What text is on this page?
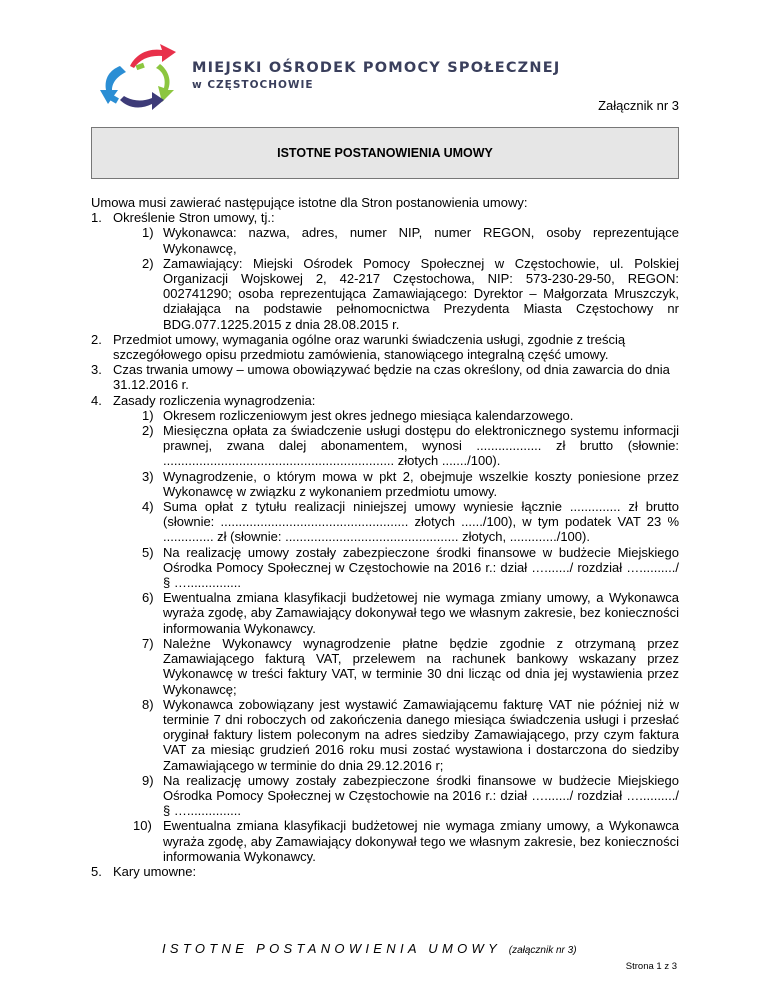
MIEJSKI OŚRODEK POMOCY SPOŁECZNEJ
w CZĘSTOCHOWIE
Załącznik nr 3
ISTOTNE POSTANOWIENIA UMOWY

Umowa musi zawierać następujące istotne dla Stron postanowienia umowy:

1. Określenie Stron umowy, tj.:
1) Wykonawca: nazwa, adres, numer NIP, numer REGON, osoby reprezentujące Wykonawcę,
2) Zamawiający: Miejski Ośrodek Pomocy Społecznej w Częstochowie, ul. Polskiej Organizacji Wojskowej 2, 42-217 Częstochowa, NIP: 573-230-29-50, REGON: 002741290; osoba reprezentująca Zamawiającego: Dyrektor – Małgorzata Mruszczyk, działająca na podstawie pełnomocnictwa Prezydenta Miasta Częstochowy nr BDG.077.1225.2015 z dnia 28.08.2015 r.
2. Przedmiot umowy, wymagania ogólne oraz warunki świadczenia usługi, zgodnie z treścią szczegółowego opisu przedmiotu zamówienia, stanowiącego integralną część umowy.
3. Czas trwania umowy – umowa obowiązywać będzie na czas określony, od dnia zawarcia do dnia 31.12.2016 r.
4. Zasady rozliczenia wynagrodzenia:
1) Okresem rozliczeniowym jest okres jednego miesiąca kalendarzowego.
2) Miesięczna opłata za świadczenie usługi dostępu do elektronicznego systemu informacji prawnej, zwana dalej abonamentem, wynosi .................. zł brutto (słownie: ................................................................ złotych ......./100).
3) Wynagrodzenie, o którym mowa w pkt 2, obejmuje wszelkie koszty poniesione przez Wykonawcę w związku z wykonaniem przedmiotu umowy.
4) Suma opłat z tytułu realizacji niniejszej umowy wyniesie łącznie .............. zł brutto (słownie: .................................................... złotych ....../100), w tym podatek VAT 23 % .............. zł (słownie: ................................................ złotych, ............./100).
5) Na realizację umowy zostały zabezpieczone środki finansowe w budżecie Miejskiego Ośrodka Pomocy Społecznej w Częstochowie na 2016 r.: dział …......./ rozdział …........../ § …...............
6) Ewentualna zmiana klasyfikacji budżetowej nie wymaga zmiany umowy, a Wykonawca wyraża zgodę, aby Zamawiający dokonywał tego we własnym zakresie, bez konieczności informowania Wykonawcy.
7) Należne Wykonawcy wynagrodzenie płatne będzie zgodnie z otrzymaną przez Zamawiającego fakturą VAT, przelewem na rachunek bankowy wskazany przez Wykonawcę w treści faktury VAT, w terminie 30 dni licząc od dnia jej wystawienia przez Wykonawcę;
8) Wykonawca zobowiązany jest wystawić Zamawiającemu fakturę VAT nie później niż w terminie 7 dni roboczych od zakończenia danego miesiąca świadczenia usługi i przesłać oryginał faktury listem poleconym na adres siedziby Zamawiającego, przy czym faktura VAT za miesiąc grudzień 2016 roku musi zostać wystawiona i dostarczona do siedziby Zamawiającego w terminie do dnia 29.12.2016 r;
9) Na realizację umowy zostały zabezpieczone środki finansowe w budżecie Miejskiego Ośrodka Pomocy Społecznej w Częstochowie na 2016 r.: dział …......./ rozdział …........../ § …...............
10) Ewentualna zmiana klasyfikacji budżetowej nie wymaga zmiany umowy, a Wykonawca wyraża zgodę, aby Zamawiający dokonywał tego we własnym zakresie, bez konieczności informowania Wykonawcy.
5. Kary umowne:
ISTOTNE POSTANOWIENIA UMOWY (załącznik nr 3)
Strona 1 z 3
